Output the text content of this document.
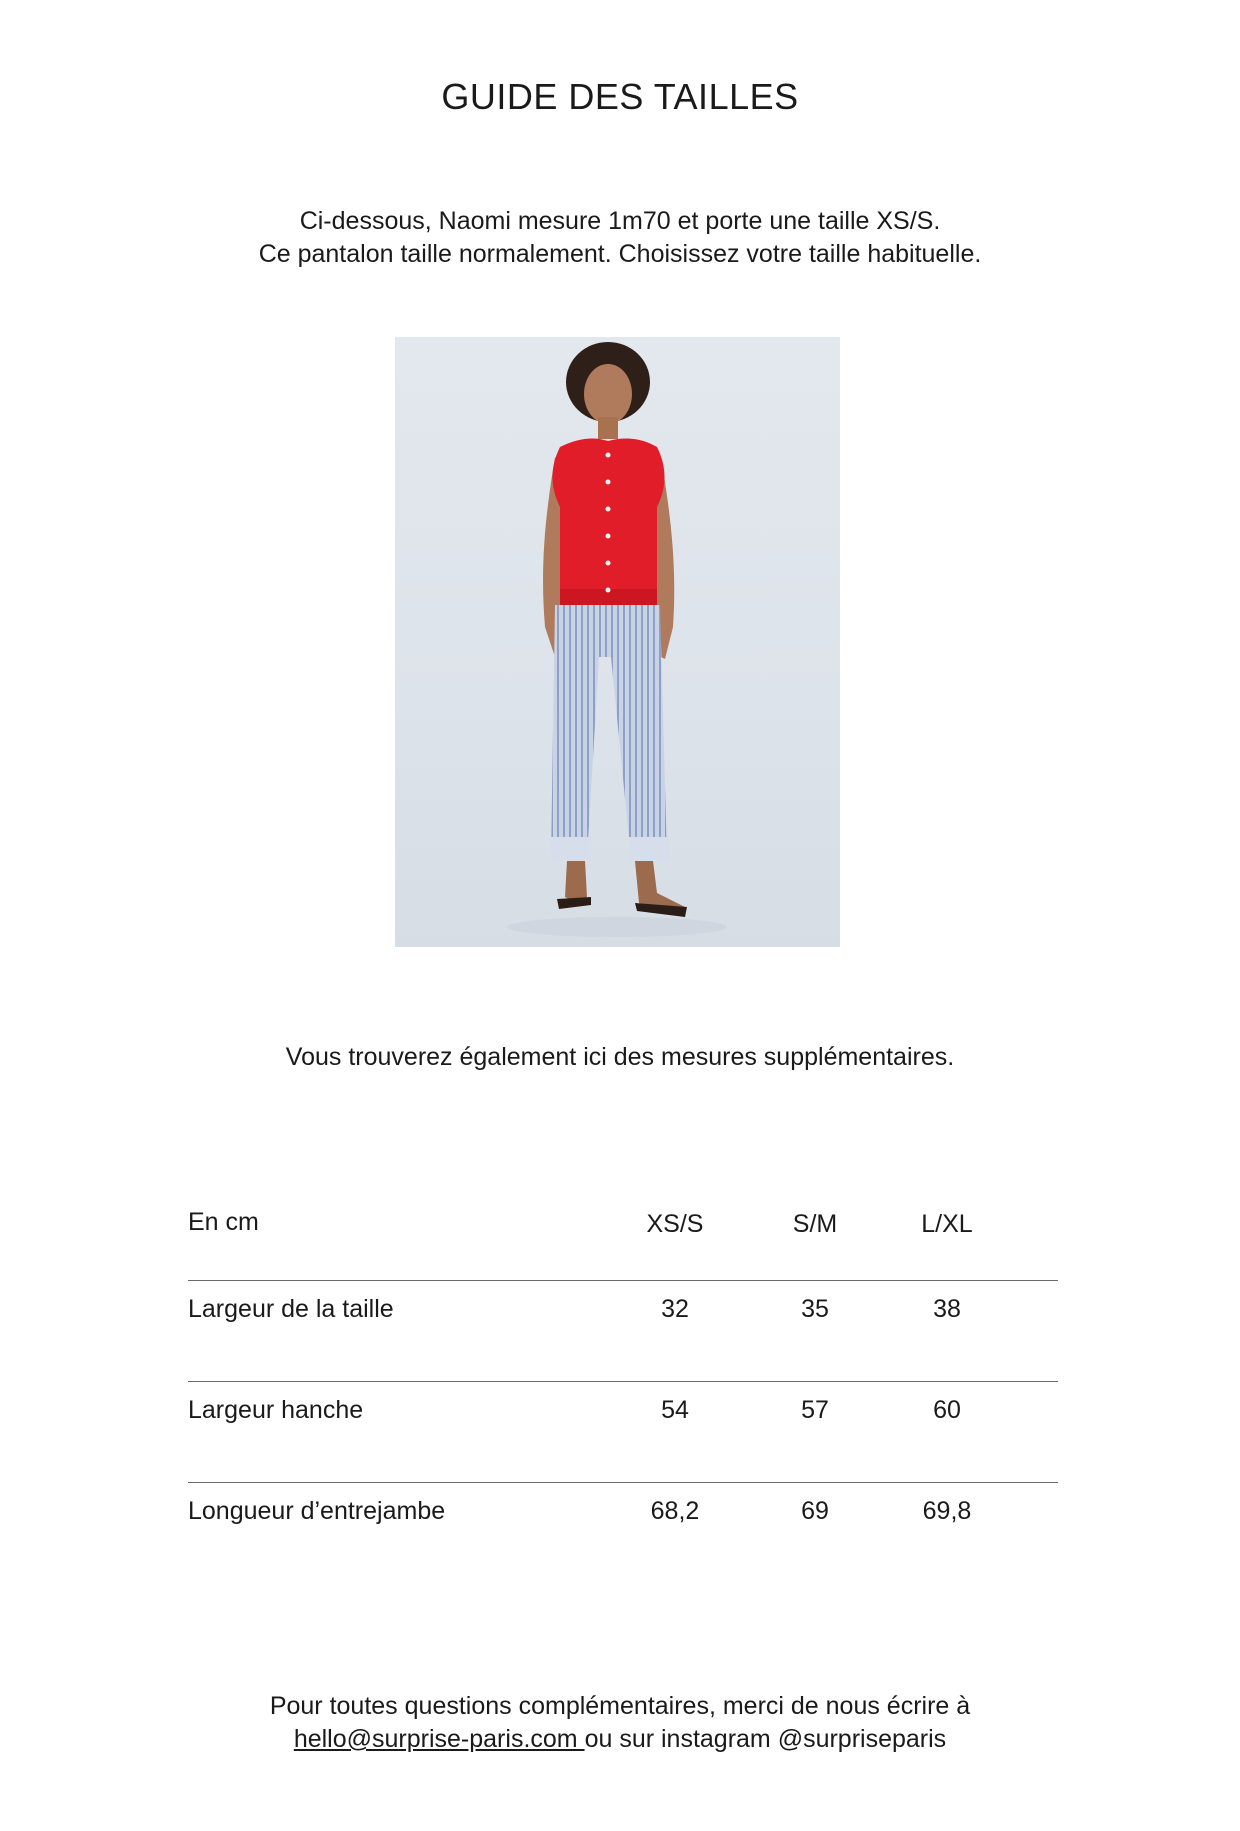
GUIDE DES TAILLES
Ci-dessous, Naomi mesure 1m70 et porte une taille XS/S.
Ce pantalon taille normalement. Choisissez votre taille habituelle.
Vous trouverez également ici des mesures supplémentaires.
En cm	XS/S	S/M	L/XL
Largeur de la taille	32	35	38
Largeur hanche	54	57	60
Longueur d’entrejambe	68,2	69	69,8
Pour toutes questions complémentaires, merci de nous écrire à
hello@surprise-paris.com ou sur instagram @surpriseparis
